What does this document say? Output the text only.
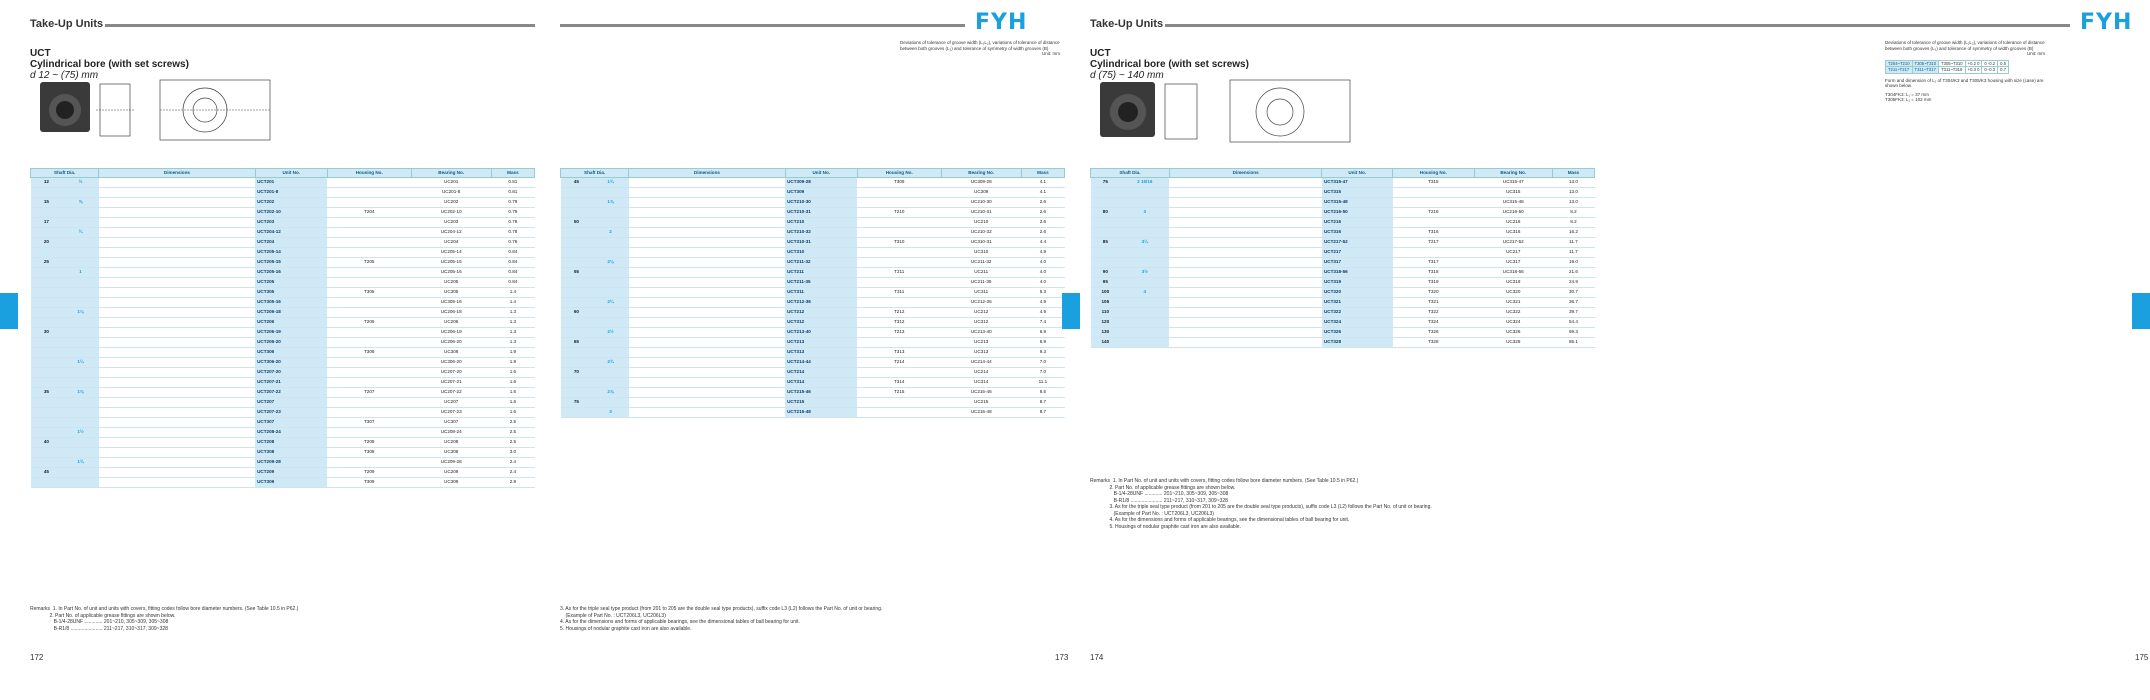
Take-Up Units
UCT
Cylindrical bore (with set screws)
d 12 ~ (75) mm
Shaft Dia.		Dimensions															Unit No.	Housing No.	Bearing No.	Mass
12	½																UCT201		UC201	0.81
																	UCT201-8		UC201-8	0.81
15	⅝																UCT202		UC202	0.79
																	UCT202-10	T204	UC202-10	0.79
17																	UCT203		UC203	0.78
	¾																UCT204-12		UC204-12	0.78
20																	UCT204		UC204	0.76
																	UCT205-14		UC205-14	0.84
25																	UCT205-15	T205	UC205-15	0.84
	1																UCT205-16		UC205-16	0.84
																	UCT205		UC205	0.84
																	UCT305	T305	UC305	1.4
																	UCT305-16		UC305-16	1.4
	1⅛																UCT206-18		UC206-18	1.3
																	UCT206	T206	UC206	1.3
30																	UCT206-19		UC206-19	1.3
																	UCT206-20		UC206-20	1.3
																	UCT306	T306	UC306	1.9
	1¼																UCT306-20		UC306-20	1.9
																	UCT207-20		UC207-20	1.6
																	UCT207-21		UC207-21	1.6
35	1⅜																UCT207-22	T207	UC207-22	1.6
																	UCT207		UC207	1.6
																	UCT207-23		UC207-23	1.6
																	UCT307	T307	UC307	2.5
	1½																UCT208-24		UC208-24	2.5
40																	UCT208	T208	UC208	2.5
																	UCT308	T308	UC308	3.0
	1¾																UCT209-28		UC209-28	2.4
45																	UCT209	T209	UC209	2.4
																	UCT309	T309	UC309	2.9
Remarks  1. In Part No. of unit and units with covers, fitting codes follow bore diameter numbers. (See Table 10.5 in P62.)
2. Part No. of applicable grease fittings are shown below.
B-1/4-28UNF ............. 201~210, 305~309, 305~308
B-R1/8 ....................... 211~217, 310~317, 309~328
172
FYH
Deviations of tolerance of groove width (L₁L₂), variations of tolerance of distance between both grooves (L₂) and tolerance of symmetry of width grooves (B)
Unit: mm
Shaft Dia.		Dimensions															Unit No.	Housing No.	Bearing No.	Mass
45	1¾																UCT309-28	T309	UC309-28	4.1
																	UCT309		UC309	4.1
	1⅞																UCT210-30		UC210-30	2.6
																	UCT210-31	T210	UC210-31	2.6
50																	UCT210		UC210	2.6
	2																UCT210-32		UC210-32	2.6
																	UCT310-31	T310	UC310-31	4.4
																	UCT310		UC310	4.9
	2⅛																UCT211-32		UC211-32	4.0
55																	UCT211	T211	UC211	4.0
																	UCT211-35		UC211-35	4.0
																	UCT311	T311	UC311	5.3
	2¼																UCT212-36		UC212-36	4.9
60																	UCT212	T212	UC212	4.9
																	UCT312	T312	UC312	7.4
	2½																UCT213-40	T213	UC213-40	6.9
65																	UCT213		UC213	6.9
																	UCT313	T313	UC313	9.3
	2¾																UCT214-44	T214	UC214-44	7.0
70																	UCT214		UC214	7.0
																	UCT314	T314	UC314	11.1
	2⅞																UCT215-46	T215	UC215-46	8.5
75																	UCT215		UC215	8.7
	3																UCT215-48		UC215-48	8.7
3. As for the triple seal type product (from 201 to 205 are the double seal type products), suffix code L3 (L2) follows the Part No. of unit or bearing.
(Example of Part No. : UCT206L3, UC206L3)
4. As for the dimensions and forms of applicable bearings, see the dimensional tables of ball bearing for unit.
5. Housings of nodular graphite cast iron are also available.
173
Take-Up Units
UCT
Cylindrical bore (with set screws)
d (75) ~ 140 mm
Shaft Dia.		Dimensions															Unit No.	Housing No.	Bearing No.	Mass
75	2 15/16																UCT315-47	T315	UC315-47	13.0
																	UCT315		UC315	13.0
																	UCT315-48		UC315-48	13.0
80	3																UCT216-50	T216	UC216-50	8.2
																	UCT216		UC216	8.2
																	UCT316	T316	UC316	16.2
85	3¼																UCT217-52	T217	UC217-52	11.7
																	UCT217		UC217	11.7
																	UCT317	T317	UC317	19.0
90	3½																UCT318-56	T318	UC318-56	21.6
95																	UCT319	T319	UC319	24.9
100	4																UCT320	T320	UC320	30.7
105																	UCT321	T321	UC321	36.7
110																	UCT322	T322	UC322	39.7
120																	UCT324	T324	UC324	54.4
130																	UCT326	T326	UC326	69.3
140																	UCT328	T328	UC328	85.1
Remarks  1. In Part No. of unit and units with covers, fitting codes follow bore diameter numbers. (See Table 10.5 in P62.)
2. Part No. of applicable grease fittings are shown below.
B-1/4-28UNF ............. 201~210, 305~309, 305~308
B-R1/8 ....................... 211~217, 310~317, 309~328
3. As for the triple seal type product (from 201 to 205 are the double seal type products), suffix code L3 (L2) follows the Part No. of unit or bearing.
(Example of Part No. : UCT206L3, UC206L3)
4. As for the dimensions and forms of applicable bearings, see the dimensional tables of ball bearing for unit.
5. Housings of nodular graphite cast iron are also available.
174
FYH
Deviations of tolerance of groove width (L₁L₂), variations of tolerance of distance between both grooves (L₂) and tolerance of symmetry of width grooves (B)
Unit: mm
T204~T210	T305~T310	T305~T310	+0.2 0	0 -0.2	0.5
T211~T217	T311~T317	T311~T316	+0.3 0	0 -0.3	0.7
Form and dimension of L₁ of T304/K3 and T305/K3 housing with size (case) are shown below.
T304FK3: L₁ = 37 mm
T305FK3: L₁ = 102 mm
175
